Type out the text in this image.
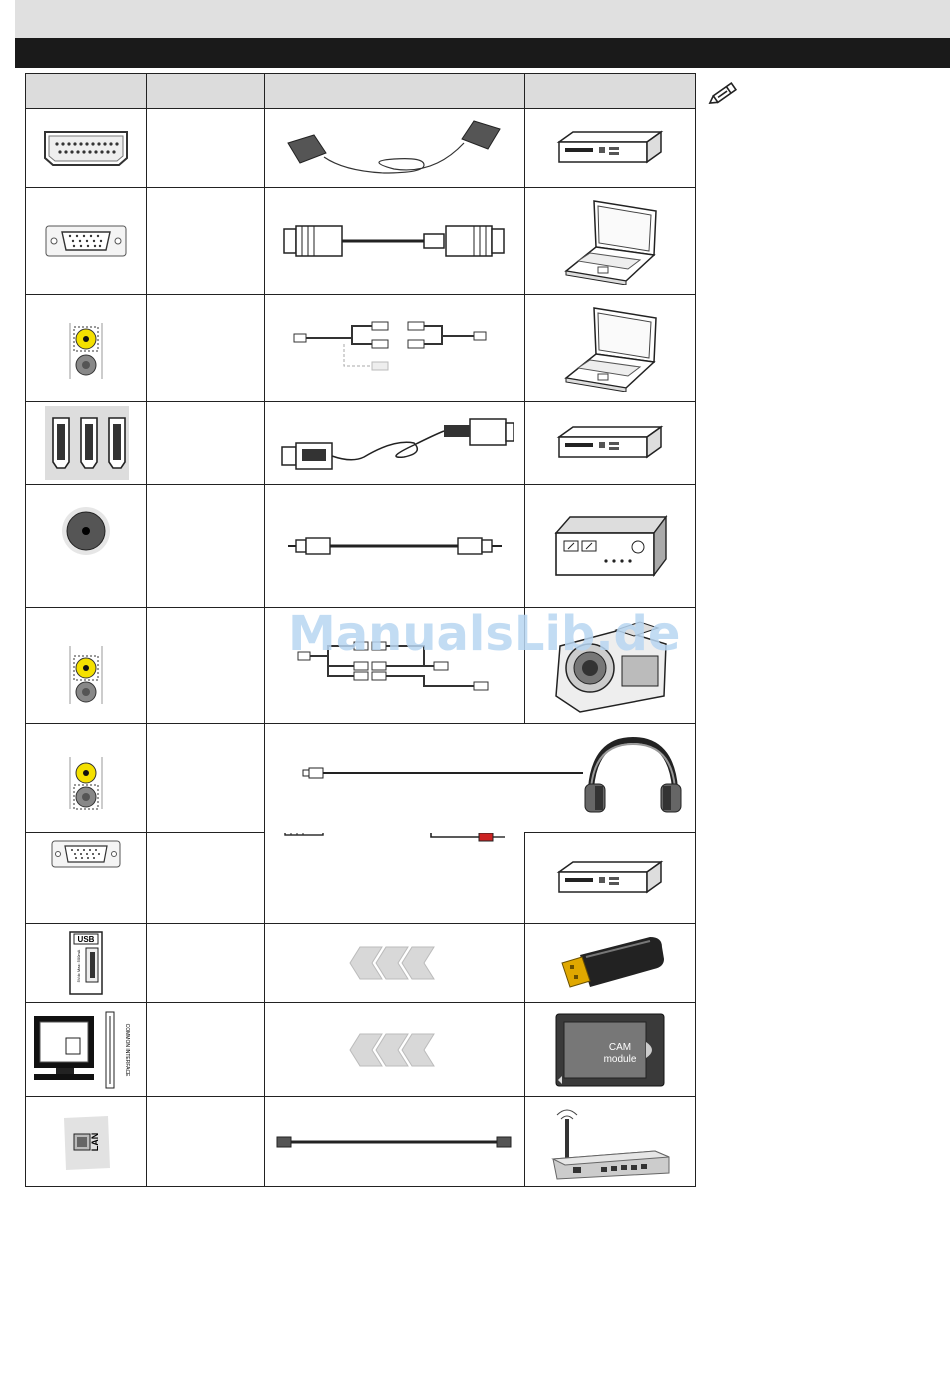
USB
5Vdc Max: 500mA

COMMON INTERFACE			CAM
module

LAN

ManualsLib.de
